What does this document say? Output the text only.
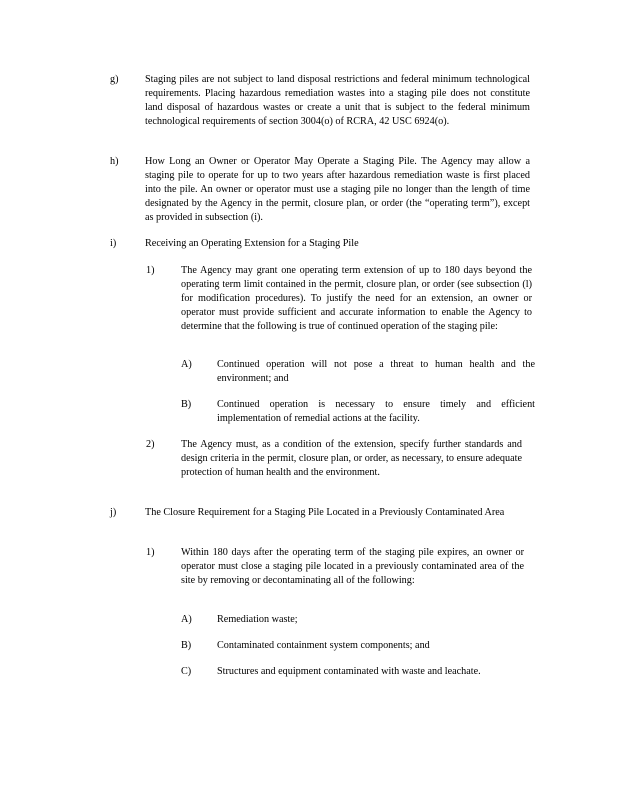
g)	Staging piles are not subject to land disposal restrictions and federal minimum technological requirements. Placing hazardous remediation wastes into a staging pile does not constitute land disposal of hazardous wastes or create a unit that is subject to the federal minimum technological requirements of section 3004(o) of RCRA, 42 USC 6924(o).

h)	How Long an Owner or Operator May Operate a Staging Pile. The Agency may allow a staging pile to operate for up to two years after hazardous remediation waste is first placed into the pile. An owner or operator must use a staging pile no longer than the length of time designated by the Agency in the permit, closure plan, or order (the “operating term”), except as provided in subsection (i).

i)	Receiving an Operating Extension for a Staging Pile

1)	The Agency may grant one operating term extension of up to 180 days beyond the operating term limit contained in the permit, closure plan, or order (see subsection (l) for modification procedures). To justify the need for an extension, an owner or operator must provide sufficient and accurate information to enable the Agency to determine that the following is true of continued operation of the staging pile:

A) Continued operation will not pose a threat to human health and the environment; and

B)	Continued operation is necessary to ensure timely and efficient implementation of remedial actions at the facility.

2)	The Agency must, as a condition of the extension, specify further standards and design criteria in the permit, closure plan, or order, as necessary, to ensure adequate protection of human health and the environment.

j)	The Closure Requirement for a Staging Pile Located in a Previously Contaminated Area

1)	Within 180 days after the operating term of the staging pile expires, an owner or operator must close a staging pile located in a previously contaminated area of the site by removing or decontaminating all of the following:

A) Remediation waste;

B)	Contaminated containment system components; and

C)	Structures and equipment contaminated with waste and leachate.
